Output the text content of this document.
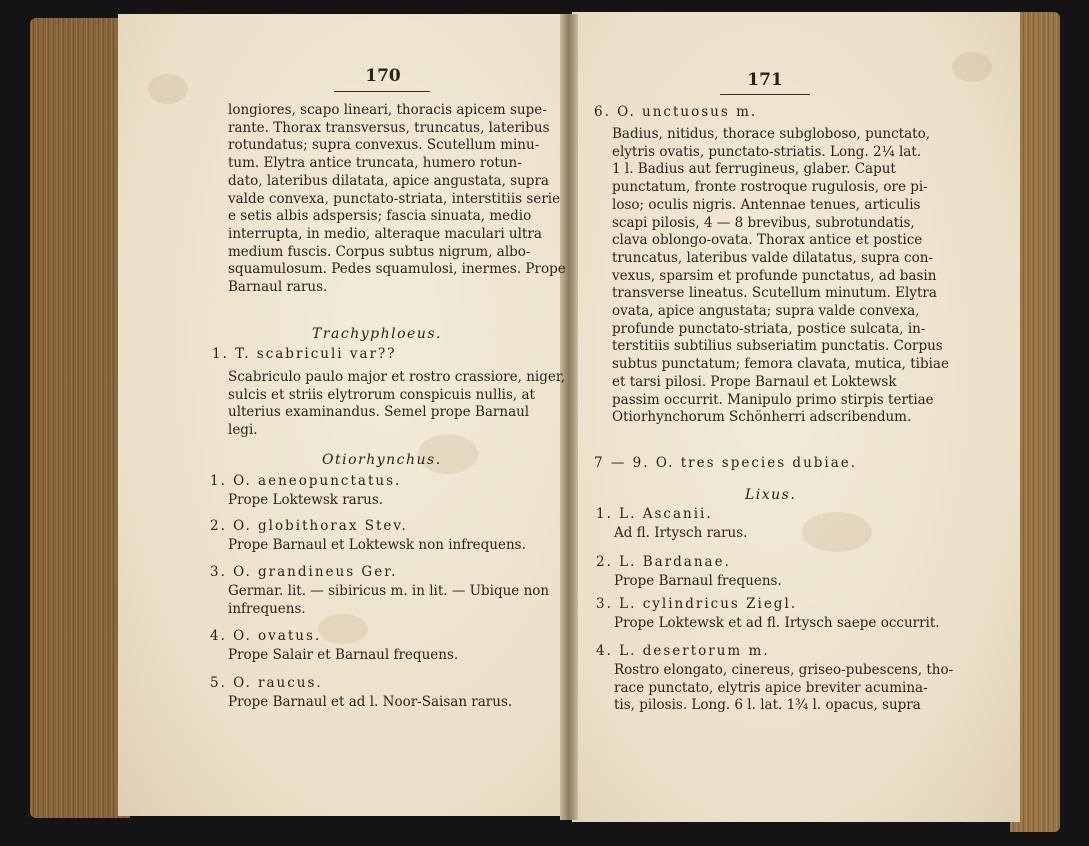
170
longiores, scapo lineari, thoracis apicem supe-
rante. Thorax transversus, truncatus, lateribus
rotundatus; supra convexus. Scutellum minu-
tum. Elytra antice truncata, humero rotun-
dato, lateribus dilatata, apice angustata, supra
valde convexa, punctato-striata, interstitiis serie
e setis albis adspersis; fascia sinuata, medio
interrupta, in medio, alteraque maculari ultra
medium fuscis. Corpus subtus nigrum, albo-
squamulosum. Pedes squamulosi, inermes. Prope
Barnaul rarus.
Trachyphloeus.
1. T. scabriculi var??
Scabriculo paulo major et rostro crassiore, niger,
sulcis et striis elytrorum conspicuis nullis, at
ulterius examinandus. Semel prope Barnaul
legi.
Otiorhynchus.
1. O. aeneopunctatus.
Prope Loktewsk rarus.
2. O. globithorax Stev.
Prope Barnaul et Loktewsk non infrequens.
3. O. grandineus Ger.
Germar. lit. — sibiricus m. in lit. — Ubique non
infrequens.
4. O. ovatus.
Prope Salair et Barnaul frequens.
5. O. raucus.
Prope Barnaul et ad l. Noor-Saisan rarus.
171
6. O. unctuosus m.
Badius, nitidus, thorace subgloboso, punctato,
elytris ovatis, punctato-striatis. Long. 2¼ lat.
1 l. Badius aut ferrugineus, glaber. Caput
punctatum, fronte rostroque rugulosis, ore pi-
loso; oculis nigris. Antennae tenues, articulis
scapi pilosis, 4 — 8 brevibus, subrotundatis,
clava oblongo-ovata. Thorax antice et postice
truncatus, lateribus valde dilatatus, supra con-
vexus, sparsim et profunde punctatus, ad basin
transverse lineatus. Scutellum minutum. Elytra
ovata, apice angustata; supra valde convexa,
profunde punctato-striata, postice sulcata, in-
terstitiis subtilius subseriatim punctatis. Corpus
subtus punctatum; femora clavata, mutica, tibiae
et tarsi pilosi. Prope Barnaul et Loktewsk
passim occurrit. Manipulo primo stirpis tertiae
Otiorhynchorum Schönherri adscribendum.
7 — 9. O. tres species dubiae.
Lixus.
1. L. Ascanii.
Ad fl. Irtysch rarus.
2. L. Bardanae.
Prope Barnaul frequens.
3. L. cylindricus Ziegl.
Prope Loktewsk et ad fl. Irtysch saepe occurrit.
4. L. desertorum m.
Rostro elongato, cinereus, griseo-pubescens, tho-
race punctato, elytris apice breviter acumina-
tis, pilosis. Long. 6 l. lat. 1¾ l. opacus, supra
